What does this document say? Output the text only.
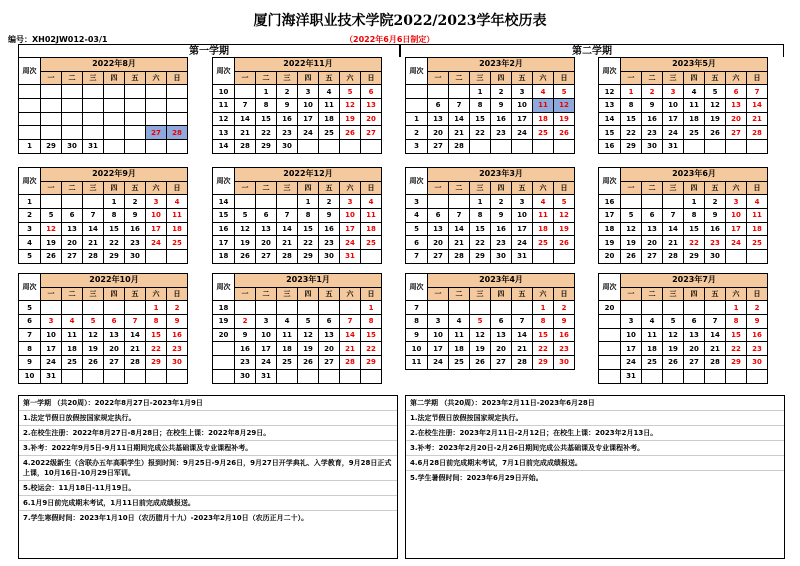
厦门海洋职业技术学院2022/2023学年校历表
编号：XH02JW012-03/1	（2022年6月6日制定）
第一学期	第二学期
周次	2022年8月						
	一	二	三	四	五	六	日

						27	28
1	29	30	31				
周次	2022年11月						
	一	二	三	四	五	六	日
10		1	2	3	4	5	6
11	7	8	9	10	11	12	13
12	14	15	16	17	18	19	20
13	21	22	23	24	25	26	27
14	28	29	30				
周次	2023年2月						
	一	二	三	四	五	六	日
			1	2	3	4	5
	6	7	8	9	10	11	12
1	13	14	15	16	17	18	19
2	20	21	22	23	24	25	26
3	27	28					
周次	2023年5月						
	一	二	三	四	五	六	日
12	1	2	3	4	5	6	7
13	8	9	10	11	12	13	14
14	15	16	17	18	19	20	21
15	22	23	24	25	26	27	28
16	29	30	31				
周次	2022年9月						
	一	二	三	四	五	六	日
1				1	2	3	4
2	5	6	7	8	9	10	11
3	12	13	14	15	16	17	18
4	19	20	21	22	23	24	25
5	26	27	28	29	30		
周次	2022年12月						
	一	二	三	四	五	六	日
14				1	2	3	4
15	5	6	7	8	9	10	11
16	12	13	14	15	16	17	18
17	19	20	21	22	23	24	25
18	26	27	28	29	30	31	
周次	2023年3月						
	一	二	三	四	五	六	日
3			1	2	3	4	5
4	6	7	8	9	10	11	12
5	13	14	15	16	17	18	19
6	20	21	22	23	24	25	26
7	27	28	29	30	31		
周次	2023年6月						
	一	二	三	四	五	六	日
16				1	2	3	4
17	5	6	7	8	9	10	11
18	12	13	14	15	16	17	18
19	19	20	21	22	23	24	25
20	26	27	28	29	30		
周次	2022年10月						
	一	二	三	四	五	六	日
5						1	2
6	3	4	5	6	7	8	9
7	10	11	12	13	14	15	16
8	17	18	19	20	21	22	23
9	24	25	26	27	28	29	30
10	31						
周次	2023年1月						
	一	二	三	四	五	六	日
18							1
19	2	3	4	5	6	7	8
20	9	10	11	12	13	14	15
	16	17	18	19	20	21	22
	23	24	25	26	27	28	29
	30	31					
周次	2023年4月						
	一	二	三	四	五	六	日
7						1	2
8	3	4	5	6	7	8	9
9	10	11	12	13	14	15	16
10	17	18	19	20	21	22	23
11	24	25	26	27	28	29	30
周次	2023年7月						
	一	二	三	四	五	六	日
20						1	2
	3	4	5	6	7	8	9
	10	11	12	13	14	15	16
	17	18	19	20	21	22	23
	24	25	26	27	28	29	30
	31						
第一学期 （共20周）：2022年8月27日-2023年1月9日
1.法定节假日放假按国家规定执行。
2.在校生注册：2022年8月27日-8月28日；在校生上课：2022年8月29日。
3.补考：2022年9月5日-9月11日期间完成公共基础课及专业课程补考。
4.2022级新生（含联办五年高职学生）报到时间：9月25日-9月26日，9月27日开学典礼、入学教育，9月28日正式上课，10月16日-10月29日军训。
5.校运会：11月18日-11月19日。
6.1月9日前完成期末考试，1月11日前完成成绩报送。
7.学生寒假时间：2023年1月10日（农历腊月十九）-2023年2月10日（农历正月二十）。
第二学期 （共20周）：2023年2月11日-2023年6月28日
1.法定节假日放假按国家规定执行。
2.在校生注册：2023年2月11日-2月12日；在校生上课：2023年2月13日。
3.补考：2023年2月20日-2月26日期间完成公共基础课及专业课程补考。
4.6月28日前完成期末考试，7月1日前完成成绩报送。
5.学生暑假时间：2023年6月29日开始。
